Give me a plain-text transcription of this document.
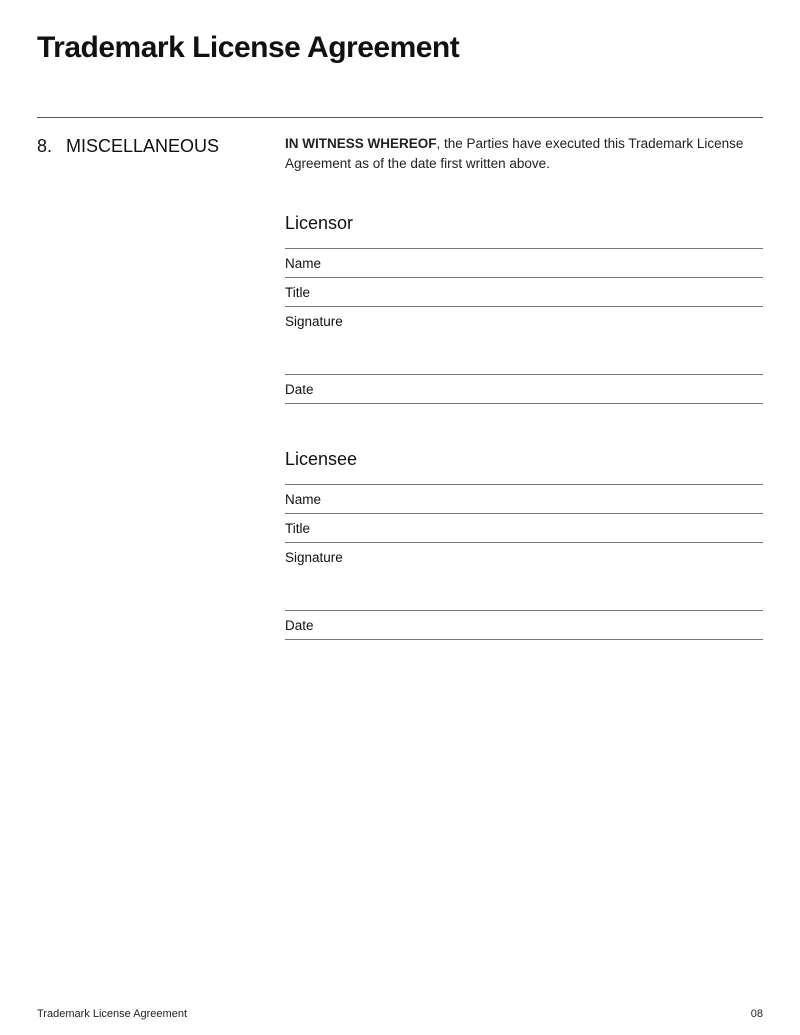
Trademark License Agreement
8. MISCELLANEOUS	IN WITNESS WHEREOF, the Parties have executed this Trademark License Agreement as of the date first written above.

Licensor
Name
Title
Signature
Date
Licensee
Name
Title
Signature
Date
Trademark License Agreement	08
